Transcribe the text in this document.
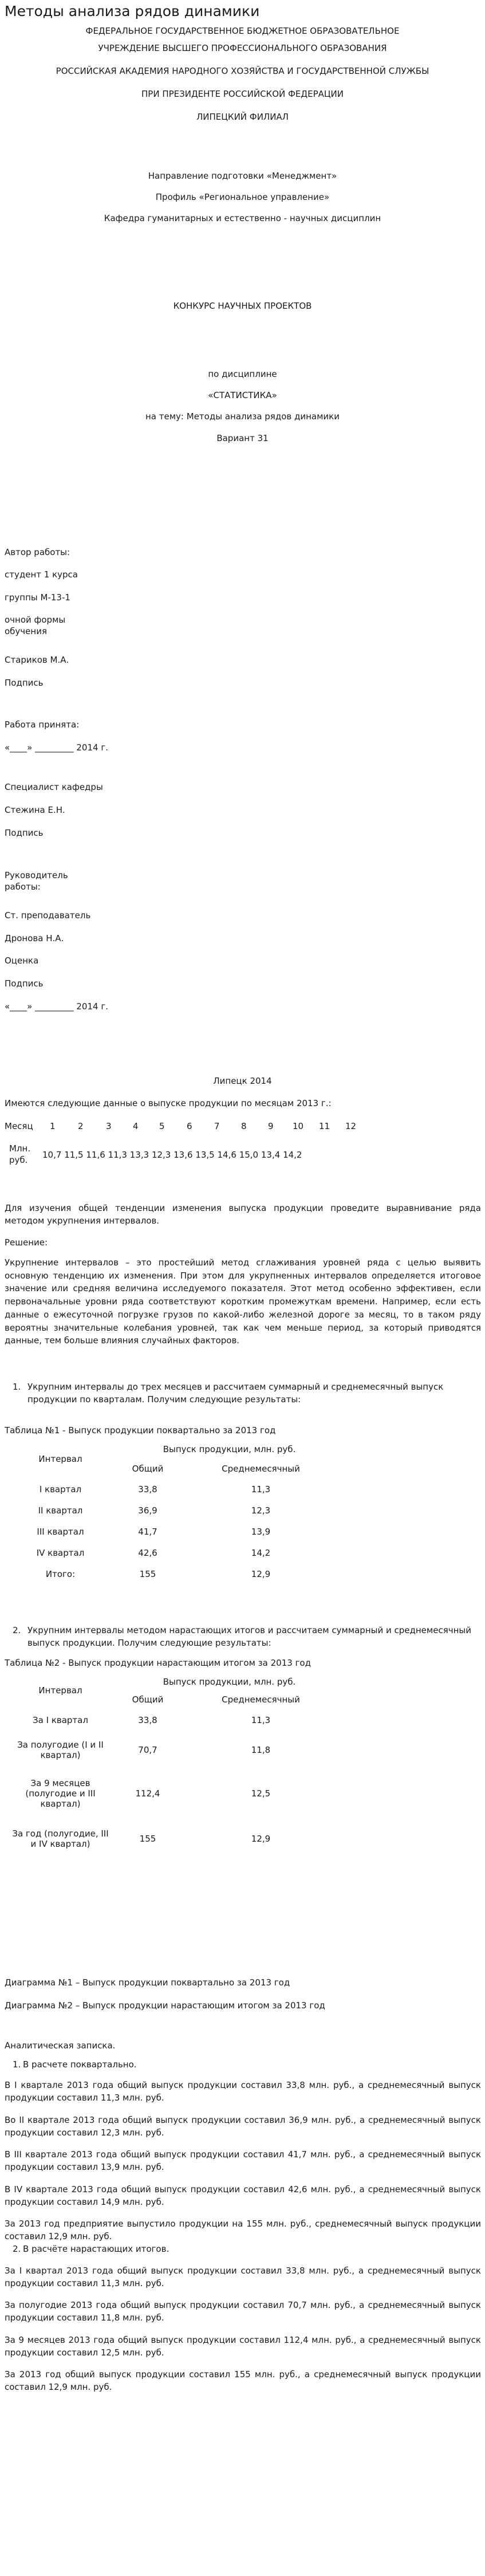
Методы анализа рядов динамики
ФЕДЕРАЛЬНОЕ ГОСУДАРСТВЕННОЕ БЮДЖЕТНОЕ ОБРАЗОВАТЕЛЬНОЕ
УЧРЕЖДЕНИЕ ВЫСШЕГО ПРОФЕССИОНАЛЬНОГО ОБРАЗОВАНИЯ
РОССИЙСКАЯ АКАДЕМИЯ НАРОДНОГО ХОЗЯЙСТВА И ГОСУДАРСТВЕННОЙ СЛУЖБЫ
ПРИ ПРЕЗИДЕНТЕ РОССИЙСКОЙ ФЕДЕРАЦИИ
ЛИПЕЦКИЙ ФИЛИАЛ
Направление подготовки «Менеджмент»
Профиль «Региональное управление»
Кафедра гуманитарных и естественно - научных дисциплин
КОНКУРС НАУЧНЫХ ПРОЕКТОВ
по дисциплине
«СТАТИСТИКА»
на тему: Методы анализа рядов динамики
Вариант 31
Автор работы:
студент 1 курса
группы М-13-1
очной формы обучения
Стариков М.А.
Подпись
Работа принята:
«____» _________ 2014 г.
Специалист кафедры
Стежина Е.Н.
Подпись
Руководитель работы:
Ст. преподаватель
Дронова Н.А.
Оценка
Подпись
«____» _________ 2014 г.
Липецк 2014
Имеются следующие данные о выпуске продукции по месяцам 2013 г.:
Месяц 1	2	3 4 5	6	7 8 9 10 11 12
Млн. руб.	10,7 11,5 11,6 11,3 13,3 12,3 13,6 13,5 14,6 15,0 13,4 14,2
Для изучения общей тенденции изменения выпуска продукции проведите выравнивание ряда методом укрупнения интервалов.
Решение:
Укрупнение интервалов – это простейший метод сглаживания уровней ряда с целью выявить основную тенденцию их изменения. При этом для укрупненных интервалов определяется итоговое значение или средняя величина исследуемого показателя. Этот метод особенно эффективен, если первоначальные уровни ряда соответствуют коротким промежуткам времени. Например, если есть данные о ежесуточной погрузке грузов по какой-либо железной дороге за месяц, то в таком ряду вероятны значительные колебания уровней, так как чем меньше период, за который приводятся данные, тем больше влияния случайных факторов.
1. Укрупним интервалы до трех месяцев и рассчитаем суммарный и среднемесячный выпуск продукции по кварталам. Получим следующие результаты:
Таблица №1 - Выпуск продукции поквартально за 2013 год
Интервал	Выпуск продукции, млн. руб.	
	Общий	Среднемесячный
I квартал	33,8	11,3
II квартал	36,9	12,3
III квартал	41,7	13,9
IV квартал	42,6	14,2
Итого:	155	12,9
2. Укрупним интервалы методом нарастающих итогов и рассчитаем суммарный и среднемесячный выпуск продукции. Получим следующие результаты:
Таблица №2 - Выпуск продукции нарастающим итогом за 2013 год
Интервал	Выпуск продукции, млн. руб.	
	Общий	Среднемесячный
За I квартал	33,8	11,3
За полугодие (I и II квартал)	70,7	11,8
За 9 месяцев (полугодие и III квартал)	112,4	12,5
За год (полугодие, III и IV квартал)	155	12,9
Диаграмма №1 – Выпуск продукции поквартально за 2013 год
Диаграмма №2 – Выпуск продукции нарастающим итогом за 2013 год
Аналитическая записка.
1. В расчете поквартально.
В I квартале 2013 года общий выпуск продукции составил 33,8 млн. руб., а среднемесячный выпуск продукции составил 11,3 млн. руб.
Во II квартале 2013 года общий выпуск продукции составил 36,9 млн. руб., а среднемесячный выпуск продукции составил 12,3 млн. руб.
В III квартале 2013 года общий выпуск продукции составил 41,7 млн. руб., а среднемесячный выпуск продукции составил 13,9 млн. руб.
В IV квартале 2013 года общий выпуск продукции составил 42,6 млн. руб., а среднемесячный выпуск продукции составил 14,9 млн. руб.
За 2013 год предприятие выпустило продукции на 155 млн. руб., среднемесячный выпуск продукции составил 12,9 млн. руб.
2. В расчёте нарастающих итогов.
За I квартал 2013 года общий выпуск продукции составил 33,8 млн. руб., а среднемесячный выпуск продукции составил 11,3 млн. руб.
За полугодие 2013 года общий выпуск продукции составил 70,7 млн. руб., а среднемесячный выпуск продукции составил 11,8 млн. руб.
За 9 месяцев 2013 года общий выпуск продукции составил 112,4 млн. руб., а среднемесячный выпуск продукции составил 12,5 млн. руб.
За 2013 год общий выпуск продукции составил 155 млн. руб., а среднемесячный выпуск продукции составил 12,9 млн. руб.
